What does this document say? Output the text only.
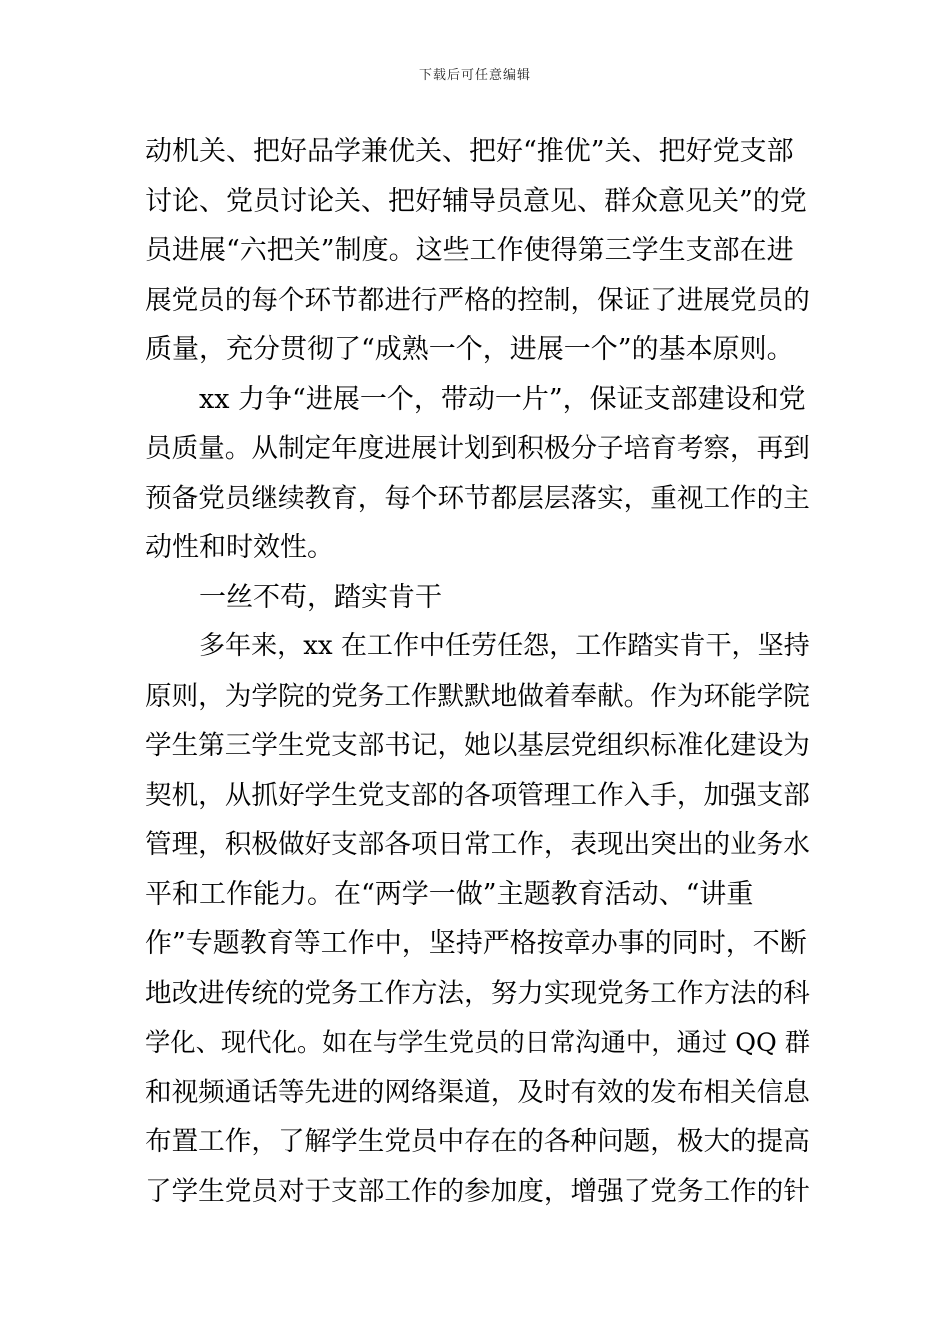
下载后可任意编辑
动机关、把好品学兼优关、把好“推优”关、把好党支部
讨论、党员讨论关、把好辅导员意见、群众意见关”的党
员进展“六把关”制度。这些工作使得第三学生支部在进
展党员的每个环节都进行严格的控制，保证了进展党员的
质量，充分贯彻了“成熟一个，进展一个”的基本原则。
xx 力争“进展一个，带动一片”，保证支部建设和党
员质量。从制定年度进展计划到积极分子培育考察，再到
预备党员继续教育，每个环节都层层落实，重视工作的主
动性和时效性。
一丝不苟，踏实肯干
多年来，xx 在工作中任劳任怨，工作踏实肯干，坚持
原则，为学院的党务工作默默地做着奉献。作为环能学院
学生第三学生党支部书记，她以基层党组织标准化建设为
契机，从抓好学生党支部的各项管理工作入手，加强支部
管理，积极做好支部各项日常工作，表现出突出的业务水
平和工作能力。在“两学一做”主题教育活动、“讲重
作”专题教育等工作中，坚持严格按章办事的同时，不断
地改进传统的党务工作方法，努力实现党务工作方法的科
学化、现代化。如在与学生党员的日常沟通中，通过 QQ 群
和视频通话等先进的网络渠道，及时有效的发布相关信息
布置工作，了解学生党员中存在的各种问题，极大的提高
了学生党员对于支部工作的参加度，增强了党务工作的针
